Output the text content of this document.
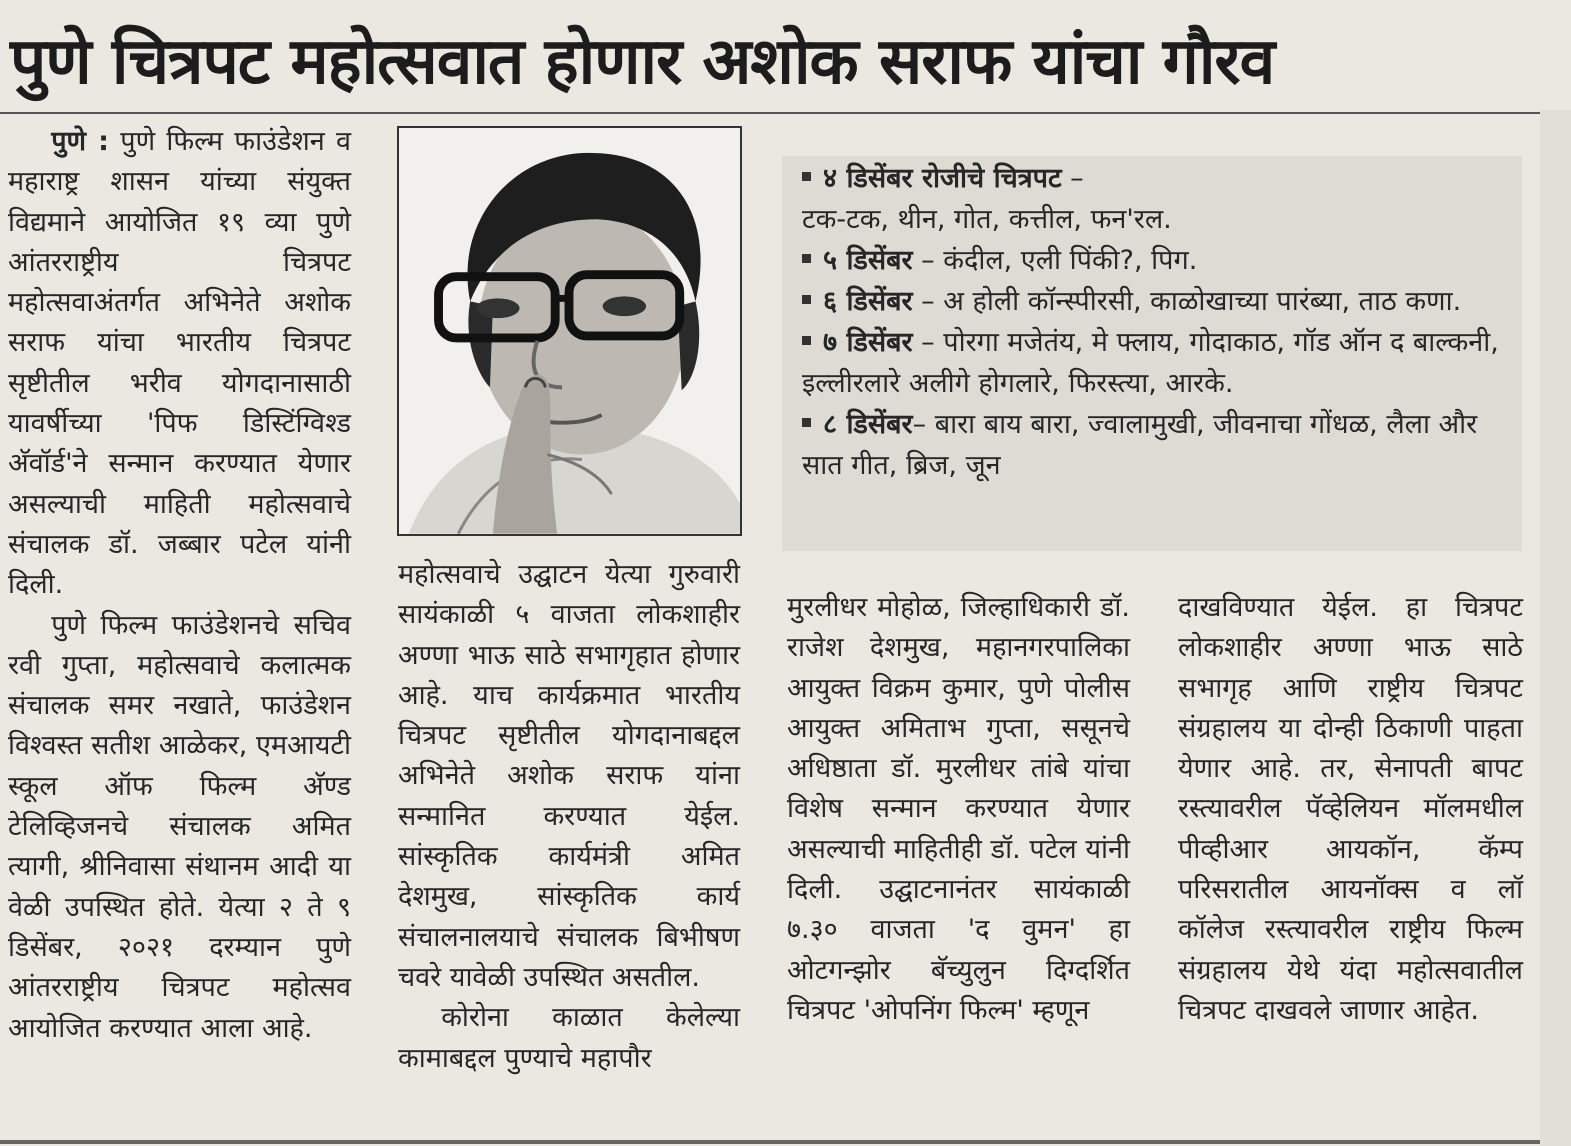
पुणे चित्रपट महोत्सवात होणार अशोक सराफ यांचा गौरव

पुणे : पुणे फिल्म फाउंडेशन व महाराष्ट्र शासन यांच्या संयुक्त विद्यमाने आयोजित १९ व्या पुणे आंतरराष्ट्रीय चित्रपट महोत्सवाअंतर्गत अभिनेते अशोक सराफ यांचा भारतीय चित्रपट सृष्टीतील भरीव योगदानासाठी यावर्षीच्या 'पिफ डिस्टिंग्विश्ड अ‍ॅवॉर्ड'ने सन्मान करण्यात येणार असल्याची माहिती महोत्सवाचे संचालक डॉ. जब्बार पटेल यांनी दिली.

पुणे फिल्म फाउंडेशनचे सचिव रवी गुप्ता, महोत्सवाचे कलात्मक संचालक समर नखाते, फाउंडेशन विश्वस्त सतीश आळेकर, एमआयटी स्कूल ऑफ फिल्म अ‍ॅण्ड टेलिव्हिजनचे संचालक अमित त्यागी, श्रीनिवासा संथानम आदी या वेळी उपस्थित होते. येत्या २ ते ९ डिसेंबर, २०२१ दरम्यान पुणे आंतरराष्ट्रीय चित्रपट महोत्सव आयोजित करण्यात आला आहे.

४ डिसेंबर रोजीचे चित्रपट –
टक-टक, थीन, गोत, कत्तील, फन'रल.

५ डिसेंबर – कंदील, एली पिंकी?, पिग.

६ डिसेंबर – अ होली कॉन्स्पीरसी, काळोखाच्या पारंब्या, ताठ कणा.

७ डिसेंबर – पोरगा मजेतंय, मे फ्लाय, गोदाकाठ, गॉड ऑन द बाल्कनी, इल्लीरलारे अलीगे होगलारे, फिरस्त्या, आरके.

८ डिसेंबर– बारा बाय बारा, ज्वालामुखी, जीवनाचा गोंधळ, लैला और सात गीत, ब्रिज, जून

महोत्सवाचे उद्घाटन येत्या गुरुवारी सायंकाळी ५ वाजता लोकशाहीर अण्णा भाऊ साठे सभागृहात होणार आहे. याच कार्यक्रमात भारतीय चित्रपट सृष्टीतील योगदानाबद्दल अभिनेते अशोक सराफ यांना सन्मानित करण्यात येईल. सांस्कृतिक कार्यमंत्री अमित देशमुख, सांस्कृतिक कार्य संचालनालयाचे संचालक बिभीषण चवरे यावेळी उपस्थित असतील.

कोरोना काळात केलेल्या कामाबद्दल पुण्याचे महापौर

मुरलीधर मोहोळ, जिल्हाधिकारी डॉ. राजेश देशमुख, महानगरपालिका आयुक्त विक्रम कुमार, पुणे पोलीस आयुक्त अमिताभ गुप्ता, ससूनचे अधिष्ठाता डॉ. मुरलीधर तांबे यांचा विशेष सन्मान करण्यात येणार असल्याची माहितीही डॉ. पटेल यांनी दिली. उद्घाटनानंतर सायंकाळी ७.३० वाजता 'द वुमन' हा ओटगन्झोर बॅच्युलुन दिग्दर्शित चित्रपट 'ओपनिंग फिल्म' म्हणून

दाखविण्यात येईल. हा चित्रपट लोकशाहीर अण्णा भाऊ साठे सभागृह आणि राष्ट्रीय चित्रपट संग्रहालय या दोन्ही ठिकाणी पाहता येणार आहे. तर, सेनापती बापट रस्त्यावरील पॅव्हेलियन मॉलमधील पीव्हीआर आयकॉन, कॅम्प परिसरातील आयनॉक्स व लॉ कॉलेज रस्त्यावरील राष्ट्रीय फिल्म संग्रहालय येथे यंदा महोत्सवातील चित्रपट दाखवले जाणार आहेत.
